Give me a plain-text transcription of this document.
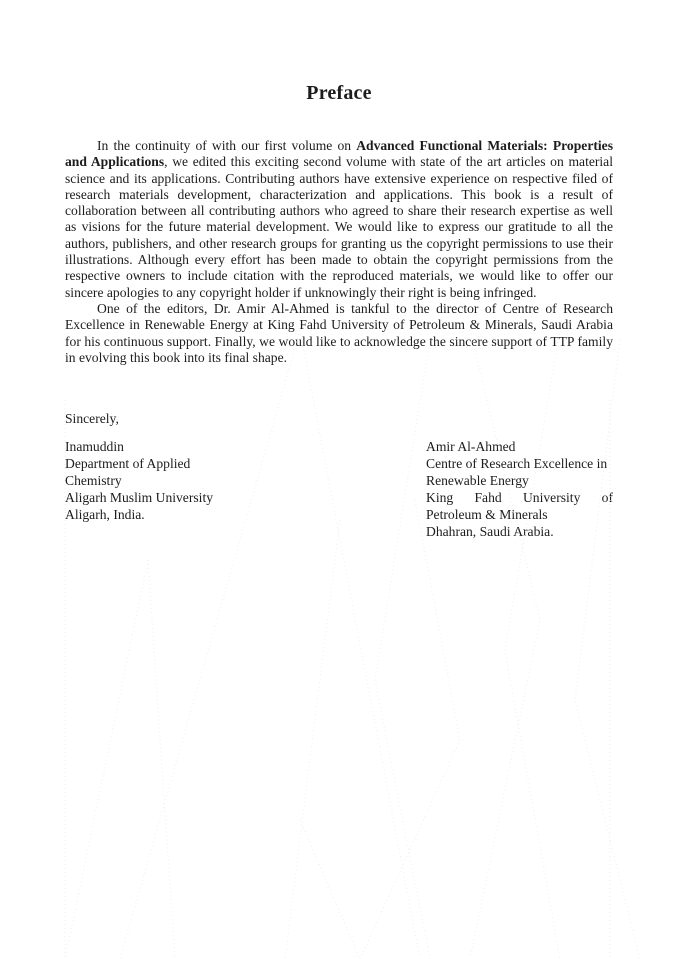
Preface

In the continuity of with our first volume on Advanced Functional Materials: Properties and Applications, we edited this exciting second volume with state of the art articles on material science and its applications. Contributing authors have extensive experience on respective filed of research materials development, characterization and applications. This book is a result of collaboration between all contributing authors who agreed to share their research expertise as well as visions for the future material development. We would like to express our gratitude to all the authors, publishers, and other research groups for granting us the copyright permissions to use their illustrations. Although every effort has been made to obtain the copyright permissions from the respective owners to include citation with the reproduced materials, we would like to offer our sincere apologies to any copyright holder if unknowingly their right is being infringed.

One of the editors, Dr. Amir Al-Ahmed is tankful to the director of Centre of Research Excellence in Renewable Energy at King Fahd University of Petroleum & Minerals, Saudi Arabia for his continuous support. Finally, we would like to acknowledge the sincere support of TTP family in evolving this book into its final shape.

Sincerely,

Inamuddin
Department of Applied
Chemistry
Aligarh Muslim University
Aligarh, India.
Amir Al-Ahmed
Centre of Research Excellence in
Renewable Energy
King Fahd University of
Petroleum & Minerals
Dhahran, Saudi Arabia.
